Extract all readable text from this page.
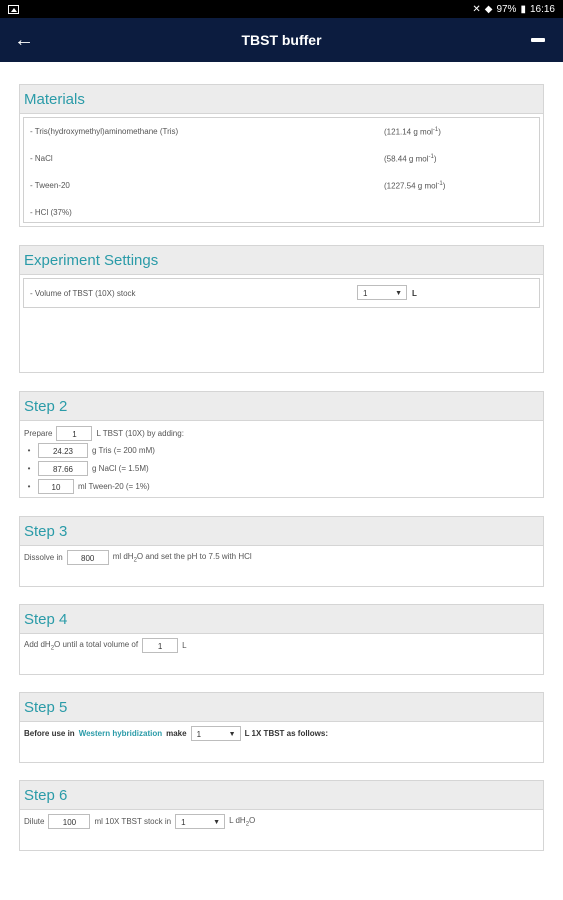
✕ ◆ 97% ▮ 16:16
←	TBST buffer
Materials
- Tris(hydroxymethyl)aminomethane (Tris)	(121.14 g mol$^{-1}$)
- NaCl	(58.44 g mol$^{-1}$)
- Tween-20	(1227.54 g mol$^{-1}$)
- HCl (37%)
Experiment Settings
- Volume of TBST (10X) stock	1	▼ L
Step 2
Prepare	1	L TBST (10X) by adding:
•	24.23	g Tris (= 200 mM)
•	87.66	g NaCl (= 1.5M)
•	10	ml Tween-20 (= 1%)
Step 3
Dissolve in	800	ml $dH_2O$ and set the pH to 7.5 with HCl
Step 4
Add $dH_2O$ until a total volume of	1	L
Step 5
Before use in Western hybridization make	1	▼ L 1X TBST as follows:
Step 6
Dilute	100	ml 10X TBST stock in	1	▼ L $dH_2O$
